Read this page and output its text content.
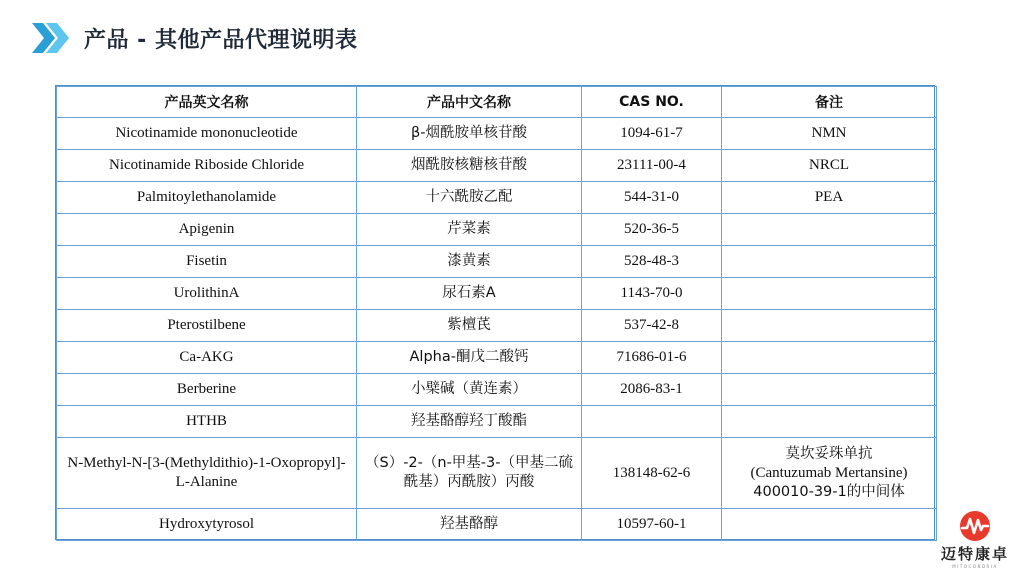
产品 - 其他产品代理说明表
产品英文名称	产品中文名称	CAS NO.	备注
Nicotinamide mononucleotide	β-烟酰胺单核苷酸	1094-61-7	NMN
Nicotinamide Riboside Chloride	烟酰胺核糖核苷酸	23111-00-4	NRCL
Palmitoylethanolamide	十六酰胺乙配	544-31-0	PEA
Apigenin	芹菜素	520-36-5	
Fisetin	漆黄素	528-48-3	
UrolithinA	尿石素A	1143-70-0	
Pterostilbene	紫檀芪	537-42-8	
Ca-AKG	Alpha-酮戊二酸钙	71686-01-6	
Berberine	小檗碱（黄连素）	2086-83-1	
HTHB	羟基酪醇羟丁酸酯		
N-Methyl-N-[3-(Methyldithio)-1-Oxopropyl]-L-Alanine	（S）-2-（n-甲基-3-（甲基二硫酰基）丙酰胺）丙酸	138148-62-6	莫坎妥珠单抗
(Cantuzumab Mertansine)
400010-39-1的中间体

Hydroxytyrosol	羟基酪醇	10597-60-1	
迈特康卓
MITOCONDRIA
